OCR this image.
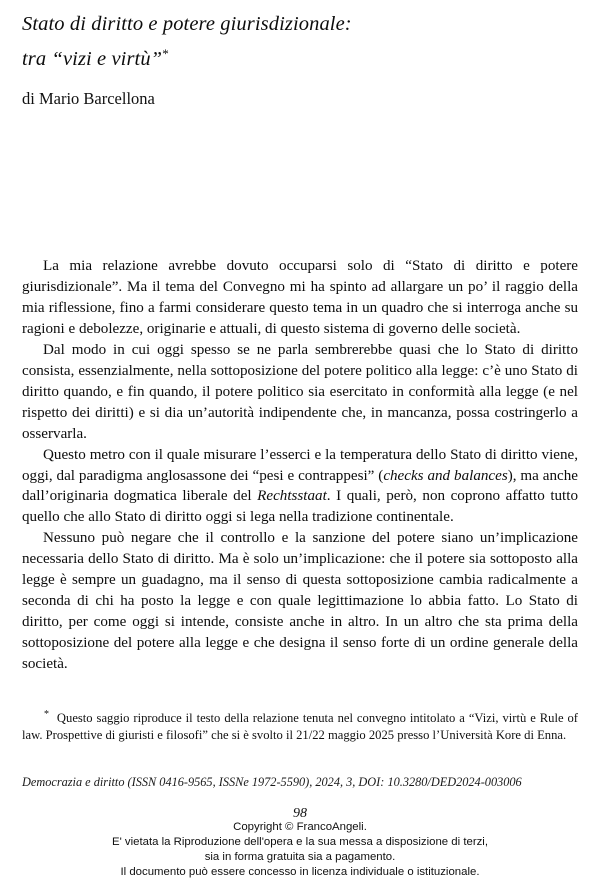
Stato di diritto e potere giurisdizionale:
tra “vizi e virtù”*
di Mario Barcellona

La mia relazione avrebbe dovuto occuparsi solo di “Stato di diritto e potere giurisdizionale”. Ma il tema del Convegno mi ha spinto ad allargare un po’ il raggio della mia riflessione, fino a farmi considerare questo tema in un quadro che si interroga anche su ragioni e debolezze, originarie e attuali, di questo sistema di governo delle società.

Dal modo in cui oggi spesso se ne parla sembrerebbe quasi che lo Stato di diritto consista, essenzialmente, nella sottoposizione del potere politico alla legge: c’è uno Stato di diritto quando, e fin quando, il potere politico sia esercitato in conformità alla legge (e nel rispetto dei diritti) e si dia un’autorità indipendente che, in mancanza, possa costringerlo a osservarla.

Questo metro con il quale misurare l’esserci e la temperatura dello Stato di diritto viene, oggi, dal paradigma anglosassone dei “pesi e contrappesi” (checks and balances), ma anche dall’originaria dogmatica liberale del Rechtsstaat. I quali, però, non coprono affatto tutto quello che allo Stato di diritto oggi si lega nella tradizione continentale.

Nessuno può negare che il controllo e la sanzione del potere siano un’implicazione necessaria dello Stato di diritto. Ma è solo un’implicazione: che il potere sia sottoposto alla legge è sempre un guadagno, ma il senso di questa sottoposizione cambia radicalmente a seconda di chi ha posto la legge e con quale legittimazione lo abbia fatto. Lo Stato di diritto, per come oggi si intende, consiste anche in altro. In un altro che sta prima della sottoposizione del potere alla legge e che designa il senso forte di un ordine generale della società.

* Questo saggio riproduce il testo della relazione tenuta nel convegno intitolato a “Vizi, virtù e Rule of law. Prospettive di giuristi e filosofi” che si è svolto il 21/22 maggio 2025 presso l’Università Kore di Enna.

Democrazia e diritto (ISSN 0416-9565, ISSNe 1972-5590), 2024, 3, DOI: 10.3280/DED2024-003006
98
Copyright © FrancoAngeli.
E' vietata la Riproduzione dell'opera e la sua messa a disposizione di terzi,
sia in forma gratuita sia a pagamento.
Il documento può essere concesso in licenza individuale o istituzionale.
